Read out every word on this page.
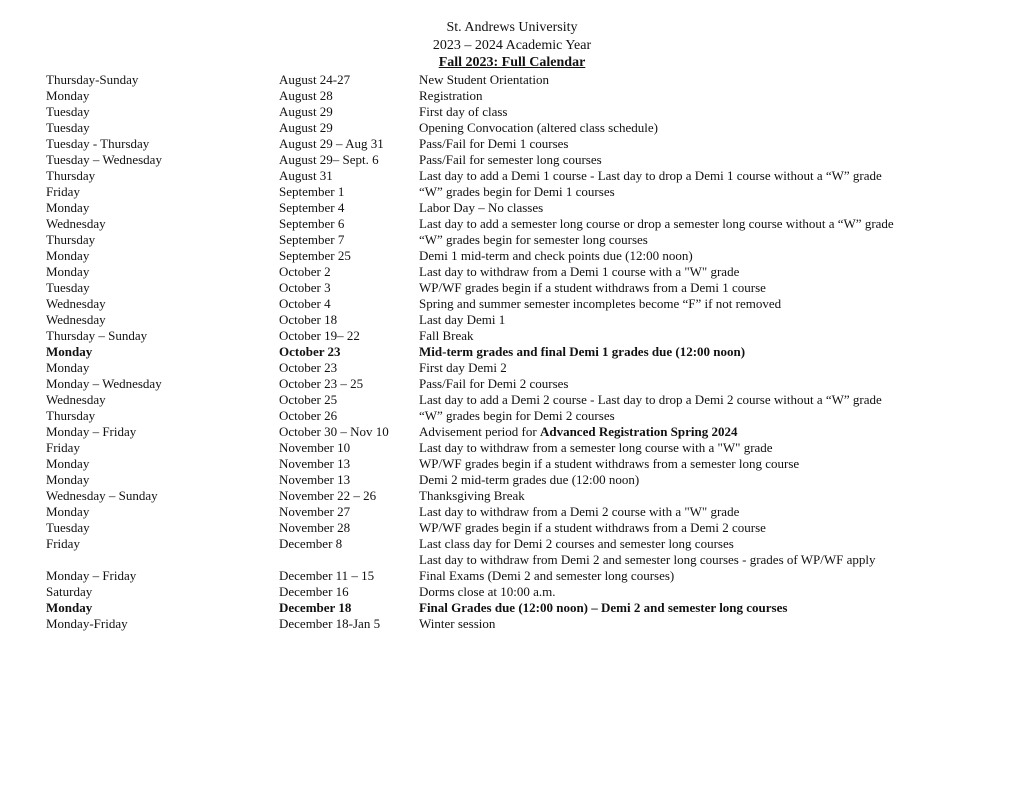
St. Andrews University
2023 – 2024 Academic Year
Fall 2023: Full Calendar
Thursday-Sunday	August 24-27	New Student Orientation
Monday	August 28	Registration
Tuesday	August 29	First day of class
Tuesday	August 29	Opening Convocation (altered class schedule)
Tuesday - Thursday	August 29 – Aug 31	Pass/Fail for Demi 1 courses
Tuesday – Wednesday	August 29– Sept. 6	Pass/Fail for semester long courses
Thursday	August 31	Last day to add a Demi 1 course - Last day to drop a Demi 1 course without a “W” grade
Friday	September 1	“W” grades begin for Demi 1 courses
Monday	September 4	Labor Day – No classes
Wednesday	September 6	Last day to add a semester long course or drop a semester long course without a “W” grade
Thursday	September 7	“W” grades begin for semester long courses
Monday	September 25	Demi 1 mid-term and check points due (12:00 noon)
Monday	October 2	Last day to withdraw from a Demi 1 course with a "W" grade
Tuesday	October 3	WP/WF grades begin if a student withdraws from a Demi 1 course
Wednesday	October 4	Spring and summer semester incompletes become “F” if not removed
Wednesday	October 18	Last day Demi 1
Thursday – Sunday	October 19– 22	Fall Break
Monday	October 23	Mid-term grades and final Demi 1 grades due (12:00 noon)
Monday	October 23	First day Demi 2
Monday – Wednesday	October 23 – 25	Pass/Fail for Demi 2 courses
Wednesday	October 25	Last day to add a Demi 2 course - Last day to drop a Demi 2 course without a “W” grade
Thursday	October 26	“W” grades begin for Demi 2 courses
Monday – Friday	October 30 – Nov 10 Advisement period for Advanced Registration Spring 2024
Friday	November 10	Last day to withdraw from a semester long course with a "W" grade
Monday	November 13	WP/WF grades begin if a student withdraws from a semester long course
Monday	November 13	Demi 2 mid-term grades due (12:00 noon)
Wednesday – Sunday	November 22 – 26	Thanksgiving Break
Monday	November 27	Last day to withdraw from a Demi 2 course with a "W" grade
Tuesday	November 28	WP/WF grades begin if a student withdraws from a Demi 2 course
Friday	December 8	Last class day for Demi 2 courses and semester long courses
Last day to withdraw from Demi 2 and semester long courses - grades of WP/WF apply
Monday – Friday	December 11 – 15	Final Exams (Demi 2 and semester long courses)
Saturday	December 16	Dorms close at 10:00 a.m.
Monday	December 18	Final Grades due (12:00 noon) – Demi 2 and semester long courses
Monday-Friday	December 18-Jan 5	Winter session
